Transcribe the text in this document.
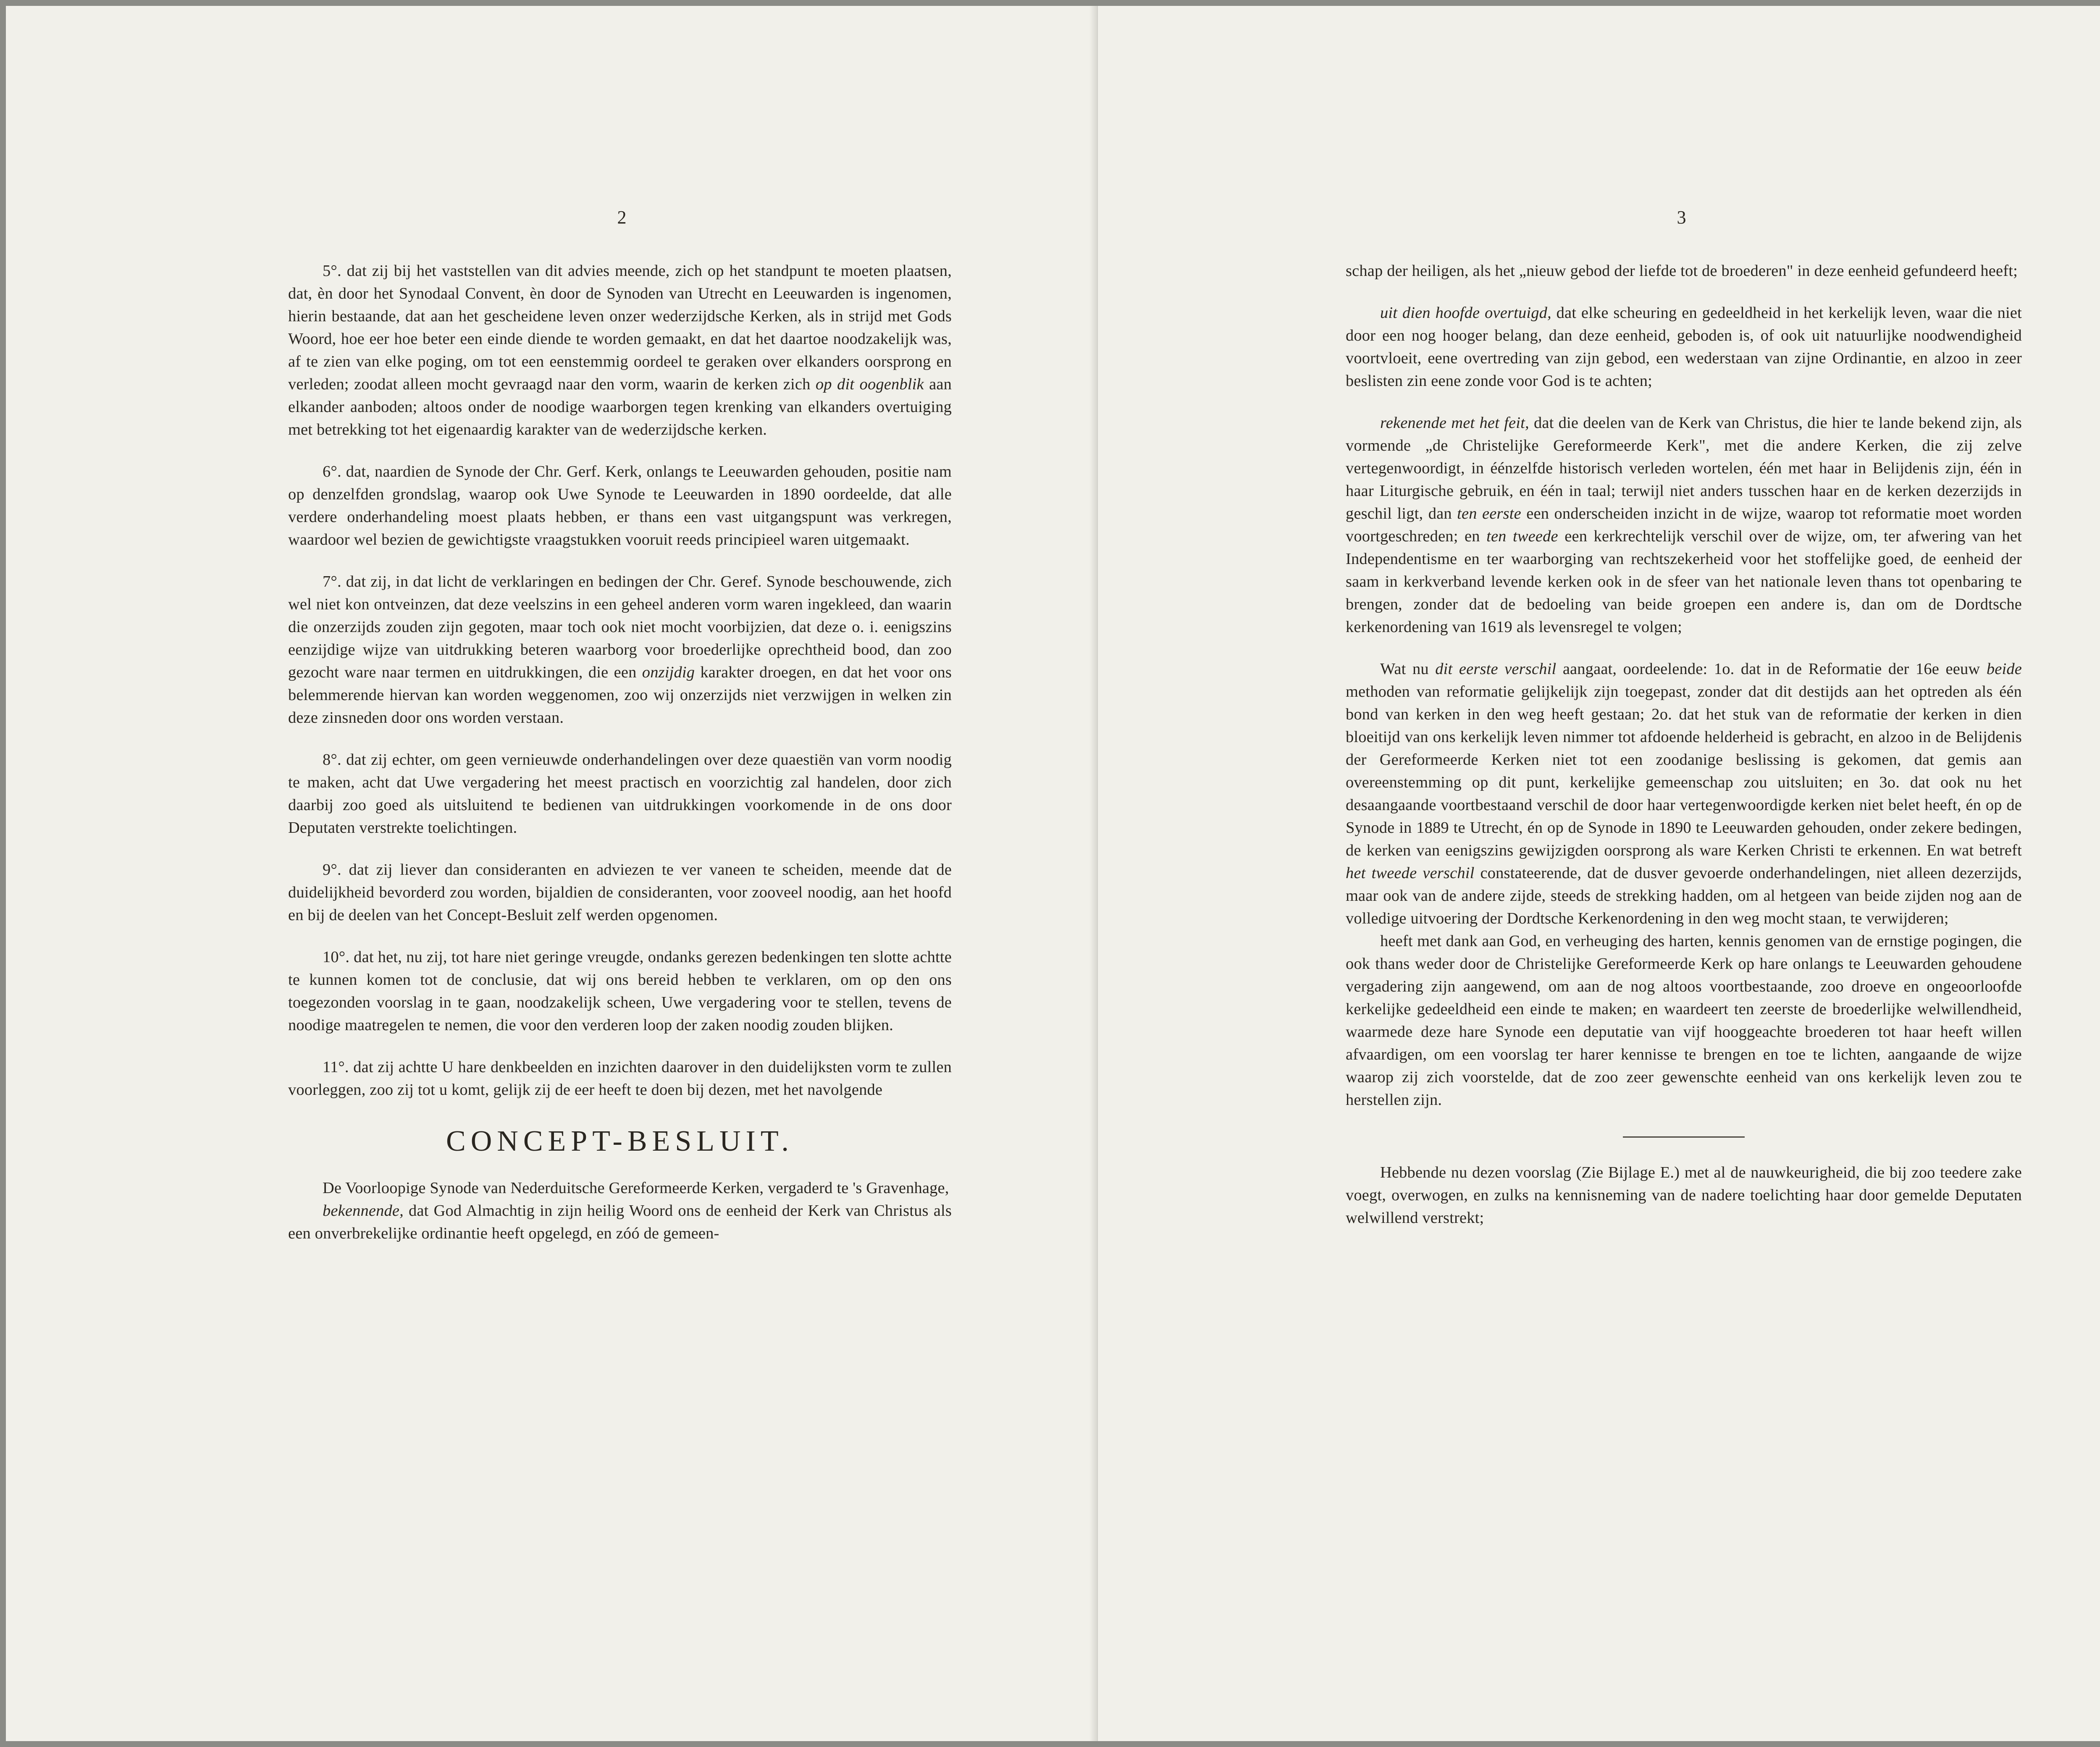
2

5°. dat zij bij het vaststellen van dit advies meende, zich op het standpunt te moeten plaatsen, dat, èn door het Synodaal Convent, èn door de Synoden van Utrecht en Leeuwarden is ingenomen, hierin bestaande, dat aan het gescheidene leven onzer wederzijdsche Kerken, als in strijd met Gods Woord, hoe eer hoe beter een einde diende te worden gemaakt, en dat het daartoe noodzakelijk was, af te zien van elke poging, om tot een eenstemmig oordeel te geraken over elkanders oorsprong en verleden; zoodat alleen mocht gevraagd naar den vorm, waarin de kerken zich op dit oogenblik aan elkander aanboden; altoos onder de noodige waarborgen tegen krenking van elkanders overtuiging met betrekking tot het eigenaardig karakter van de wederzijdsche kerken.

6°. dat, naardien de Synode der Chr. Gerf. Kerk, onlangs te Leeuwarden gehouden, positie nam op denzelfden grondslag, waarop ook Uwe Synode te Leeuwarden in 1890 oordeelde, dat alle verdere onderhandeling moest plaats hebben, er thans een vast uitgangspunt was verkregen, waardoor wel bezien de gewichtigste vraagstukken vooruit reeds principieel waren uitgemaakt.

7°. dat zij, in dat licht de verklaringen en bedingen der Chr. Geref. Synode beschouwende, zich wel niet kon ontveinzen, dat deze veelszins in een geheel anderen vorm waren ingekleed, dan waarin die onzerzijds zouden zijn gegoten, maar toch ook niet mocht voorbijzien, dat deze o. i. eenigszins eenzijdige wijze van uitdrukking beteren waarborg voor broederlijke oprechtheid bood, dan zoo gezocht ware naar termen en uitdrukkingen, die een onzijdig karakter droegen, en dat het voor ons belemmerende hiervan kan worden weggenomen, zoo wij onzerzijds niet verzwijgen in welken zin deze zinsneden door ons worden verstaan.

8°. dat zij echter, om geen vernieuwde onderhandelingen over deze quaestiën van vorm noodig te maken, acht dat Uwe vergadering het meest practisch en voorzichtig zal handelen, door zich daarbij zoo goed als uitsluitend te bedienen van uitdrukkingen voorkomende in de ons door Deputaten verstrekte toelichtingen.

9°. dat zij liever dan consideranten en adviezen te ver vaneen te scheiden, meende dat de duidelijkheid bevorderd zou worden, bijaldien de consideranten, voor zooveel noodig, aan het hoofd en bij de deelen van het Concept-Besluit zelf werden opgenomen.

10°. dat het, nu zij, tot hare niet geringe vreugde, ondanks gerezen bedenkingen ten slotte achtte te kunnen komen tot de conclusie, dat wij ons bereid hebben te verklaren, om op den ons toegezonden voorslag in te gaan, noodzakelijk scheen, Uwe vergadering voor te stellen, tevens de noodige maatregelen te nemen, die voor den verderen loop der zaken noodig zouden blijken.

11°. dat zij achtte U hare denkbeelden en inzichten daarover in den duidelijksten vorm te zullen voorleggen, zoo zij tot u komt, gelijk zij de eer heeft te doen bij dezen, met het navolgende

CONCEPT-BESLUIT.

De Voorloopige Synode van Nederduitsche Gereformeerde Kerken, vergaderd te 's Gravenhage,

bekennende, dat God Almachtig in zijn heilig Woord ons de eenheid der Kerk van Christus als een onverbrekelijke ordinantie heeft opgelegd, en zóó de gemeen-

3

schap der heiligen, als het „nieuw gebod der liefde tot de broederen" in deze eenheid gefundeerd heeft;

uit dien hoofde overtuigd, dat elke scheuring en gedeeldheid in het kerkelijk leven, waar die niet door een nog hooger belang, dan deze eenheid, geboden is, of ook uit natuurlijke noodwendigheid voortvloeit, eene overtreding van zijn gebod, een wederstaan van zijne Ordinantie, en alzoo in zeer beslisten zin eene zonde voor God is te achten;

rekenende met het feit, dat die deelen van de Kerk van Christus, die hier te lande bekend zijn, als vormende „de Christelijke Gereformeerde Kerk", met die andere Kerken, die zij zelve vertegenwoordigt, in éénzelfde historisch verleden wortelen, één met haar in Belijdenis zijn, één in haar Liturgische gebruik, en één in taal; terwijl niet anders tusschen haar en de kerken dezerzijds in geschil ligt, dan ten eerste een onderscheiden inzicht in de wijze, waarop tot reformatie moet worden voortgeschreden; en ten tweede een kerkrechtelijk verschil over de wijze, om, ter afwering van het Independentisme en ter waarborging van rechtszekerheid voor het stoffelijke goed, de eenheid der saam in kerkverband levende kerken ook in de sfeer van het nationale leven thans tot openbaring te brengen, zonder dat de bedoeling van beide groepen een andere is, dan om de Dordtsche kerkenordening van 1619 als levensregel te volgen;

Wat nu dit eerste verschil aangaat, oordeelende: 1o. dat in de Reformatie der 16e eeuw beide methoden van reformatie gelijkelijk zijn toegepast, zonder dat dit destijds aan het optreden als één bond van kerken in den weg heeft gestaan; 2o. dat het stuk van de reformatie der kerken in dien bloeitijd van ons kerkelijk leven nimmer tot afdoende helderheid is gebracht, en alzoo in de Belijdenis der Gereformeerde Kerken niet tot een zoodanige beslissing is gekomen, dat gemis aan overeenstemming op dit punt, kerkelijke gemeenschap zou uitsluiten; en 3o. dat ook nu het desaangaande voortbestaand verschil de door haar vertegenwoordigde kerken niet belet heeft, én op de Synode in 1889 te Utrecht, én op de Synode in 1890 te Leeuwarden gehouden, onder zekere bedingen, de kerken van eenigszins gewijzigden oorsprong als ware Kerken Christi te erkennen. En wat betreft het tweede verschil constateerende, dat de dusver gevoerde onderhandelingen, niet alleen dezerzijds, maar ook van de andere zijde, steeds de strekking hadden, om al hetgeen van beide zijden nog aan de volledige uitvoering der Dordtsche Kerkenordening in den weg mocht staan, te verwijderen;

heeft met dank aan God, en verheuging des harten, kennis genomen van de ernstige pogingen, die ook thans weder door de Christelijke Gereformeerde Kerk op hare onlangs te Leeuwarden gehoudene vergadering zijn aangewend, om aan de nog altoos voortbestaande, zoo droeve en ongeoorloofde kerkelijke gedeeldheid een einde te maken; en waardeert ten zeerste de broederlijke welwillendheid, waarmede deze hare Synode een deputatie van vijf hooggeachte broederen tot haar heeft willen afvaardigen, om een voorslag ter harer kennisse te brengen en toe te lichten, aangaande de wijze waarop zij zich voorstelde, dat de zoo zeer gewenschte eenheid van ons kerkelijk leven zou te herstellen zijn.

Hebbende nu dezen voorslag (Zie Bijlage E.) met al de nauwkeurigheid, die bij zoo teedere zake voegt, overwogen, en zulks na kennisneming van de nadere toelichting haar door gemelde Deputaten welwillend verstrekt;
